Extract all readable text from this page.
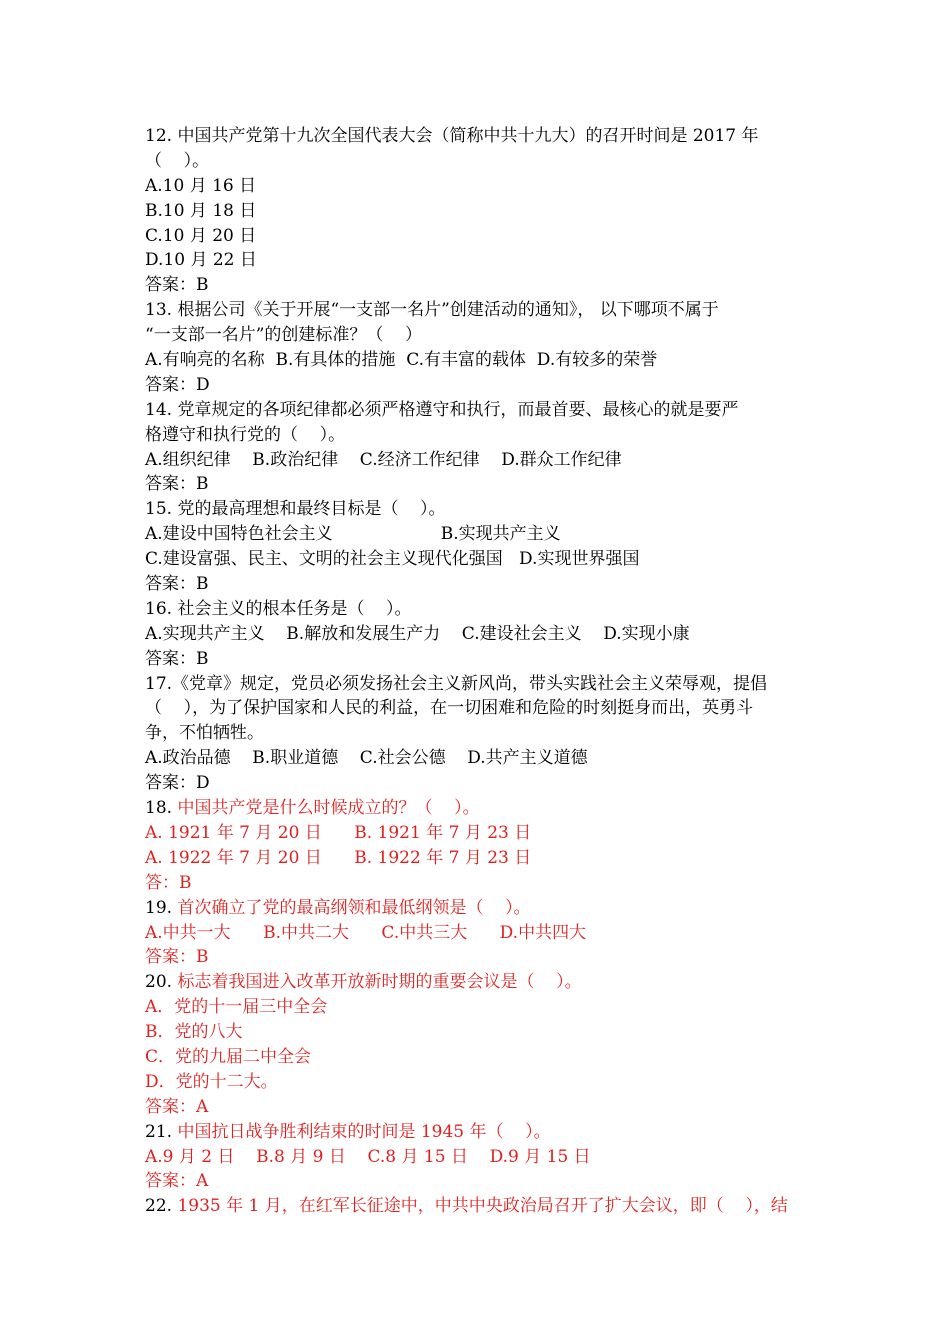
12. 中国共产党第十九次全国代表大会（简称中共十九大）的召开时间是 2017 年
（    ）。
A.10 月 16 日
B.10 月 18 日
C.10 月 20 日
D.10 月 22 日
答案：B
13. 根据公司《关于开展“一支部一名片”创建活动的通知》， 以下哪项不属于
“一支部一名片”的创建标准？（    ）
A.有响亮的名称  B.有具体的措施  C.有丰富的载体  D.有较多的荣誉
答案：D
14. 党章规定的各项纪律都必须严格遵守和执行，而最首要、最核心的就是要严
格遵守和执行党的（    ）。
A.组织纪律    B.政治纪律    C.经济工作纪律    D.群众工作纪律
答案：B
15. 党的最高理想和最终目标是（    ）。
A.建设中国特色社会主义                    B.实现共产主义
C.建设富强、民主、文明的社会主义现代化强国   D.实现世界强国
答案：B
16. 社会主义的根本任务是（    ）。
A.实现共产主义    B.解放和发展生产力    C.建设社会主义    D.实现小康
答案：B
17.《党章》规定，党员必须发扬社会主义新风尚，带头实践社会主义荣辱观，提倡
（    ），为了保护国家和人民的利益，在一切困难和危险的时刻挺身而出，英勇斗
争，不怕牺牲。
A.政治品德    B.职业道德    C.社会公德    D.共产主义道德
答案：D
18. 中国共产党是什么时候成立的？（    ）。
A. 1921 年 7 月 20 日      B. 1921 年 7 月 23 日
A. 1922 年 7 月 20 日      B. 1922 年 7 月 23 日
答：B
19. 首次确立了党的最高纲领和最低纲领是（    ）。
A.中共一大      B.中共二大      C.中共三大      D.中共四大
答案：B
20. 标志着我国进入改革开放新时期的重要会议是（    ）。
A．党的十一届三中全会
B．党的八大
C．党的九届二中全会
D．党的十二大。
答案：A
21. 中国抗日战争胜利结束的时间是 1945 年（    ）。
A.9 月 2 日    B.8 月 9 日    C.8 月 15 日    D.9 月 15 日
答案：A
22. 1935 年 1 月，在红军长征途中，中共中央政治局召开了扩大会议，即（    ），结
